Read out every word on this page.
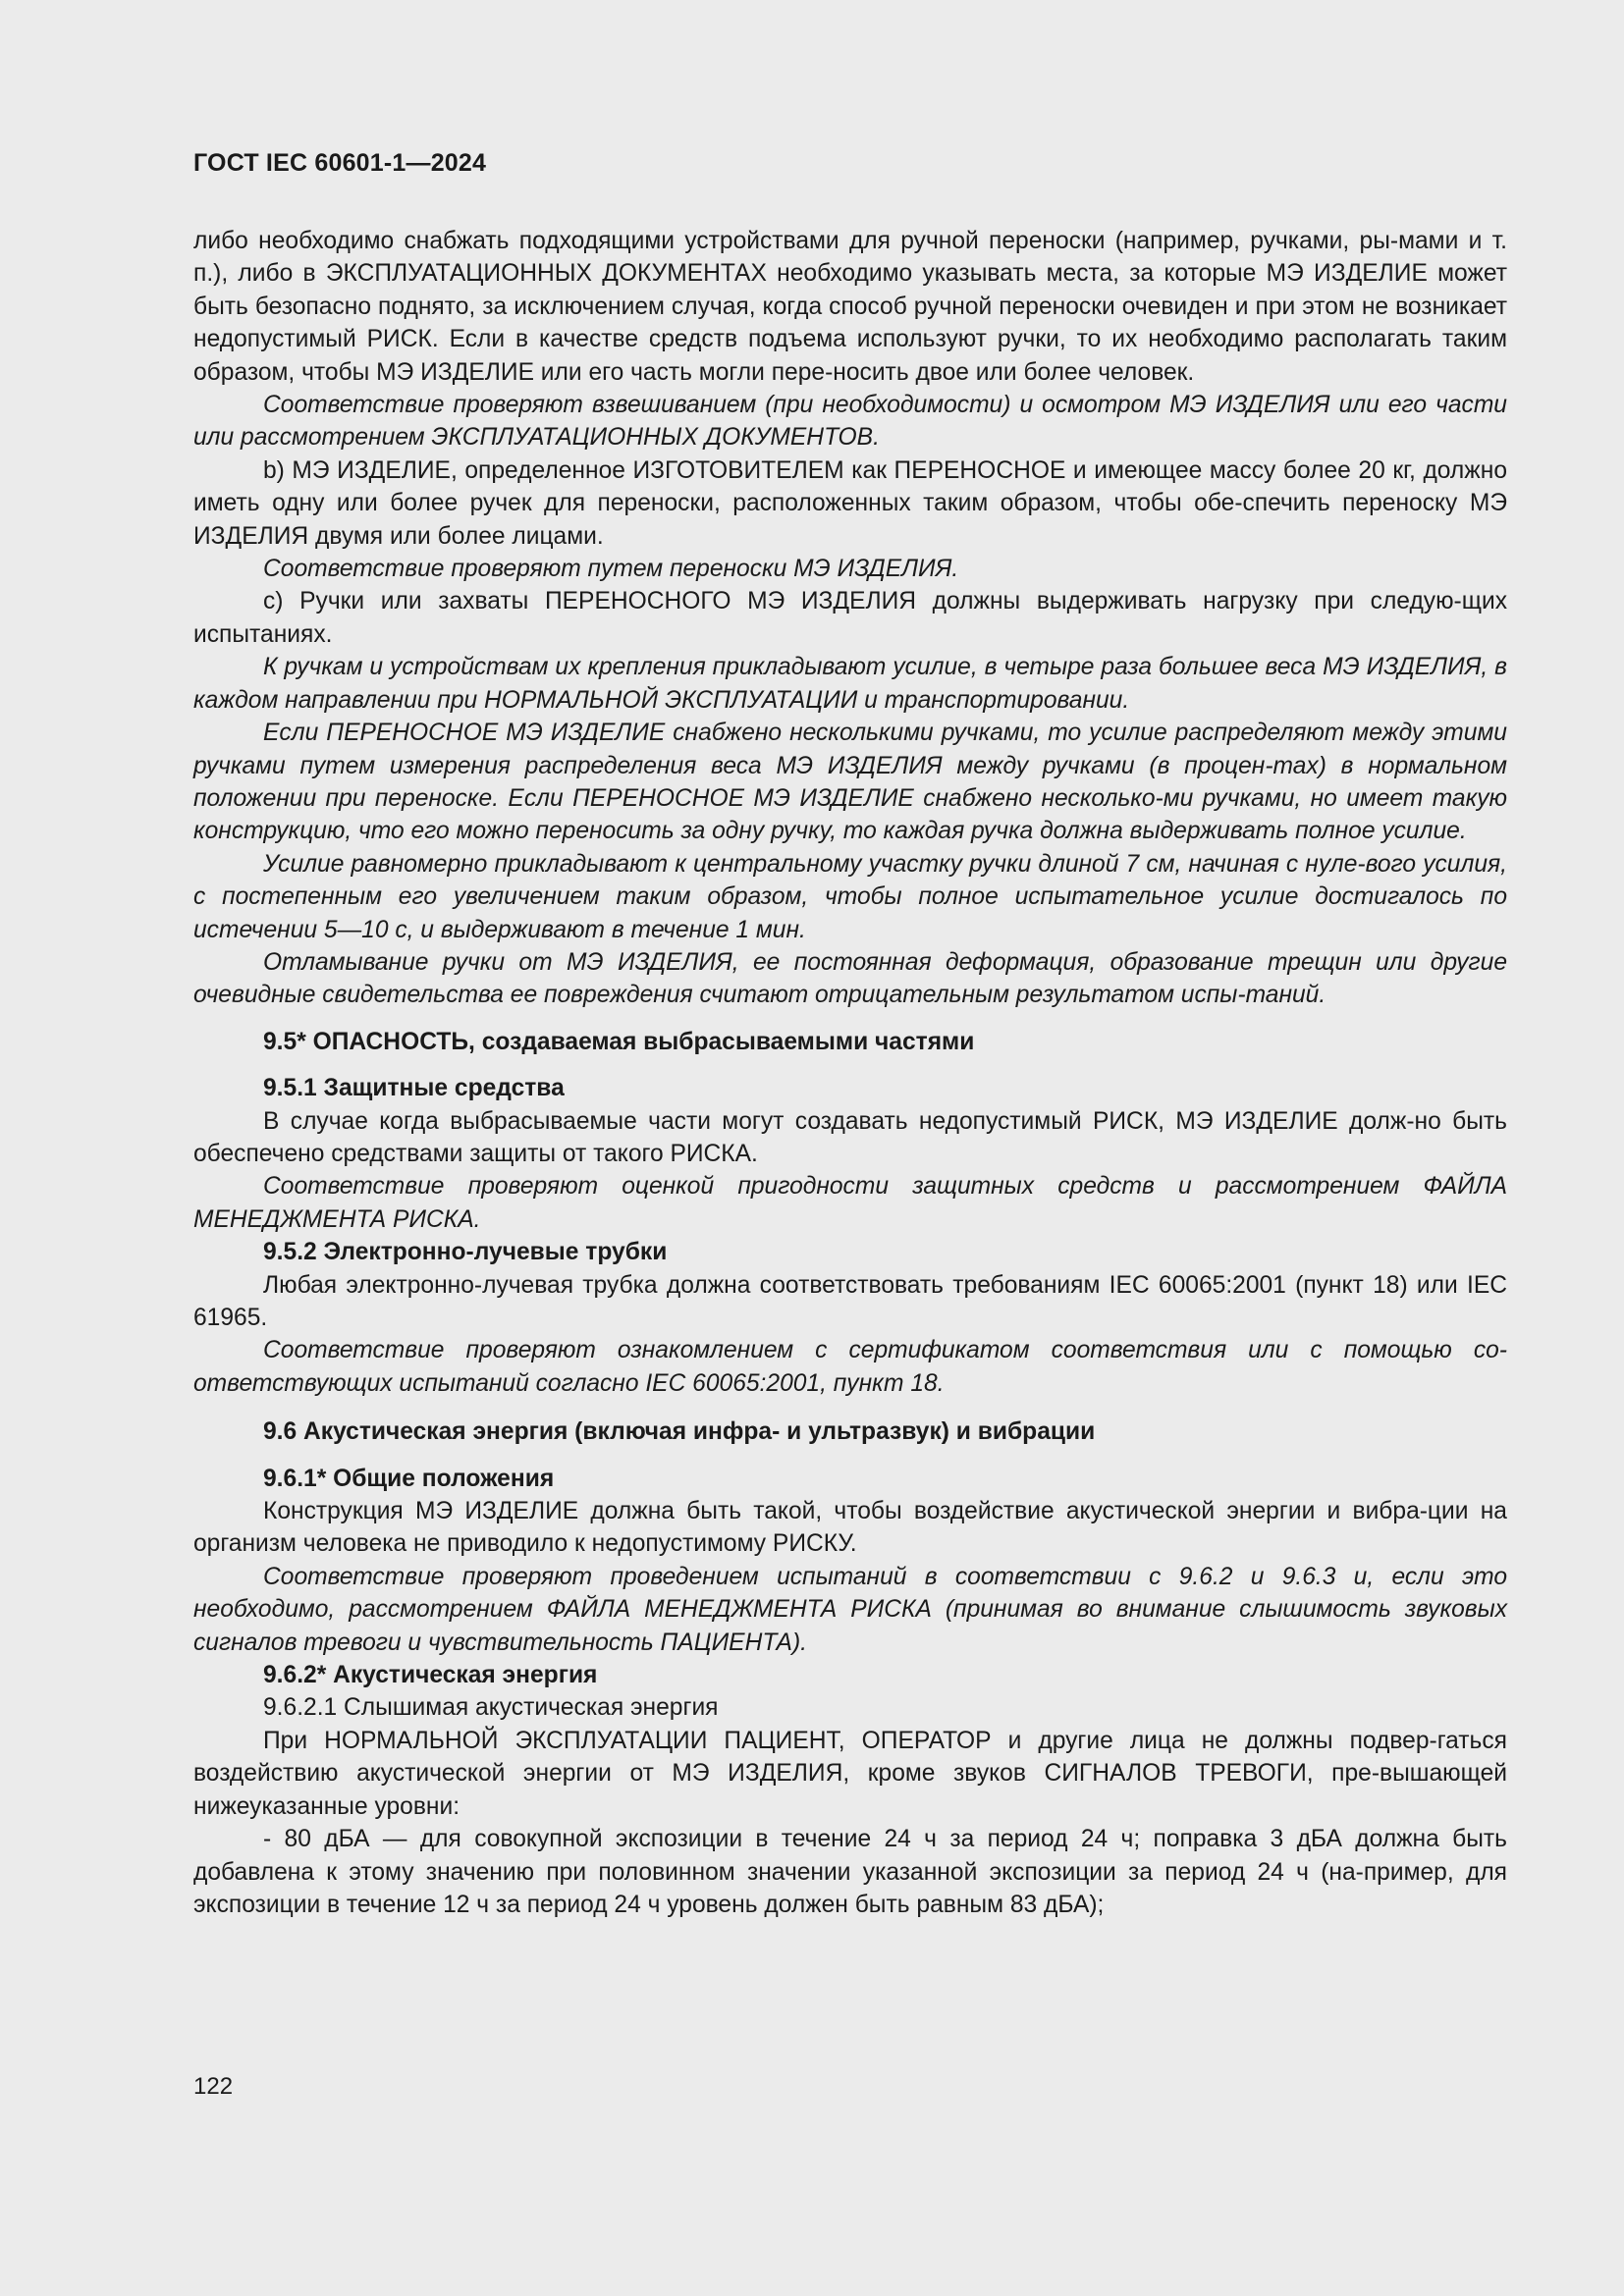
ГОСТ IEC 60601-1—2024

либо необходимо снабжать подходящими устройствами для ручной переноски (например, ручками, ры-мами и т. п.), либо в ЭКСПЛУАТАЦИОННЫХ ДОКУМЕНТАХ необходимо указывать места, за которые МЭ ИЗДЕЛИЕ может быть безопасно поднято, за исключением случая, когда способ ручной переноски очевиден и при этом не возникает недопустимый РИСК. Если в качестве средств подъема используют ручки, то их необходимо располагать таким образом, чтобы МЭ ИЗДЕЛИЕ или его часть могли пере-носить двое или более человек.

Соответствие проверяют взвешиванием (при необходимости) и осмотром МЭ ИЗДЕЛИЯ или его части или рассмотрением ЭКСПЛУАТАЦИОННЫХ ДОКУМЕНТОВ.

b) МЭ ИЗДЕЛИЕ, определенное ИЗГОТОВИТЕЛЕМ как ПЕРЕНОСНОЕ и имеющее массу более 20 кг, должно иметь одну или более ручек для переноски, расположенных таким образом, чтобы обе-спечить переноску МЭ ИЗДЕЛИЯ двумя или более лицами.

Соответствие проверяют путем переноски МЭ ИЗДЕЛИЯ.

c) Ручки или захваты ПЕРЕНОСНОГО МЭ ИЗДЕЛИЯ должны выдерживать нагрузку при следую-щих испытаниях.

К ручкам и устройствам их крепления прикладывают усилие, в четыре раза большее веса МЭ ИЗДЕЛИЯ, в каждом направлении при НОРМАЛЬНОЙ ЭКСПЛУАТАЦИИ и транспортировании.

Если ПЕРЕНОСНОЕ МЭ ИЗДЕЛИЕ снабжено несколькими ручками, то усилие распределяют между этими ручками путем измерения распределения веса МЭ ИЗДЕЛИЯ между ручками (в процен-тах) в нормальном положении при переноске. Если ПЕРЕНОСНОЕ МЭ ИЗДЕЛИЕ снабжено несколько-ми ручками, но имеет такую конструкцию, что его можно переносить за одну ручку, то каждая ручка должна выдерживать полное усилие.

Усилие равномерно прикладывают к центральному участку ручки длиной 7 см, начиная с нуле-вого усилия, с постепенным его увеличением таким образом, чтобы полное испытательное усилие достигалось по истечении 5—10 с, и выдерживают в течение 1 мин.

Отламывание ручки от МЭ ИЗДЕЛИЯ, ее постоянная деформация, образование трещин или другие очевидные свидетельства ее повреждения считают отрицательным результатом испы-таний.

9.5* ОПАСНОСТЬ, создаваемая выбрасываемыми частями

9.5.1 Защитные средства

В случае когда выбрасываемые части могут создавать недопустимый РИСК, МЭ ИЗДЕЛИЕ долж-но быть обеспечено средствами защиты от такого РИСКА.

Соответствие проверяют оценкой пригодности защитных средств и рассмотрением ФАЙЛА МЕНЕДЖМЕНТА РИСКА.

9.5.2 Электронно-лучевые трубки

Любая электронно-лучевая трубка должна соответствовать требованиям IEC 60065:2001 (пункт 18) или IEC 61965.

Соответствие проверяют ознакомлением с сертификатом соответствия или с помощью со-ответствующих испытаний согласно IEC 60065:2001, пункт 18.

9.6 Акустическая энергия (включая инфра- и ультразвук) и вибрации

9.6.1* Общие положения

Конструкция МЭ ИЗДЕЛИЕ должна быть такой, чтобы воздействие акустической энергии и вибра-ции на организм человека не приводило к недопустимому РИСКУ.

Соответствие проверяют проведением испытаний в соответствии с 9.6.2 и 9.6.3 и, если это необходимо, рассмотрением ФАЙЛА МЕНЕДЖМЕНТА РИСКА (принимая во внимание слышимость звуковых сигналов тревоги и чувствительность ПАЦИЕНТА).

9.6.2* Акустическая энергия

9.6.2.1 Слышимая акустическая энергия

При НОРМАЛЬНОЙ ЭКСПЛУАТАЦИИ ПАЦИЕНТ, ОПЕРАТОР и другие лица не должны подвер-гаться воздействию акустической энергии от МЭ ИЗДЕЛИЯ, кроме звуков СИГНАЛОВ ТРЕВОГИ, пре-вышающей нижеуказанные уровни:

- 80 дБА — для совокупной экспозиции в течение 24 ч за период 24 ч; поправка 3 дБА должна быть добавлена к этому значению при половинном значении указанной экспозиции за период 24 ч (на-пример, для экспозиции в течение 12 ч за период 24 ч уровень должен быть равным 83 дБА);

122
